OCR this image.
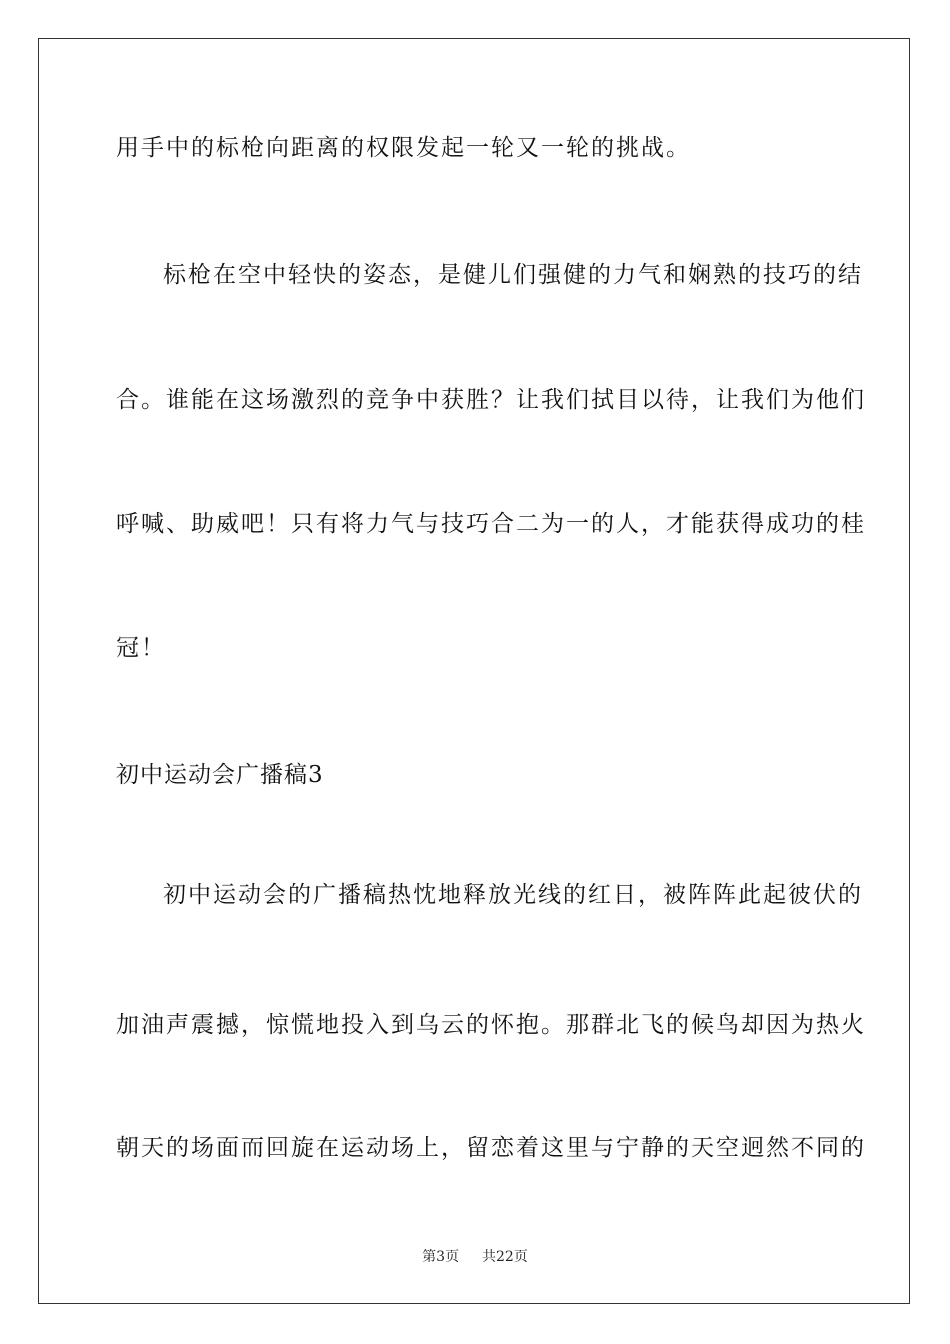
用手中的标枪向距离的权限发起一轮又一轮的挑战。
标枪在空中轻快的姿态，是健儿们强健的力气和娴熟的技巧的结
合。谁能在这场激烈的竞争中获胜？让我们拭目以待，让我们为他们
呼喊、助威吧！只有将力气与技巧合二为一的人，才能获得成功的桂
冠！
初中运动会广播稿3
初中运动会的广播稿热忱地释放光线的红日，被阵阵此起彼伏的
加油声震撼，惊慌地投入到乌云的怀抱。那群北飞的候鸟却因为热火
朝天的场面而回旋在运动场上，留恋着这里与宁静的天空迥然不同的
第3页 共22页
